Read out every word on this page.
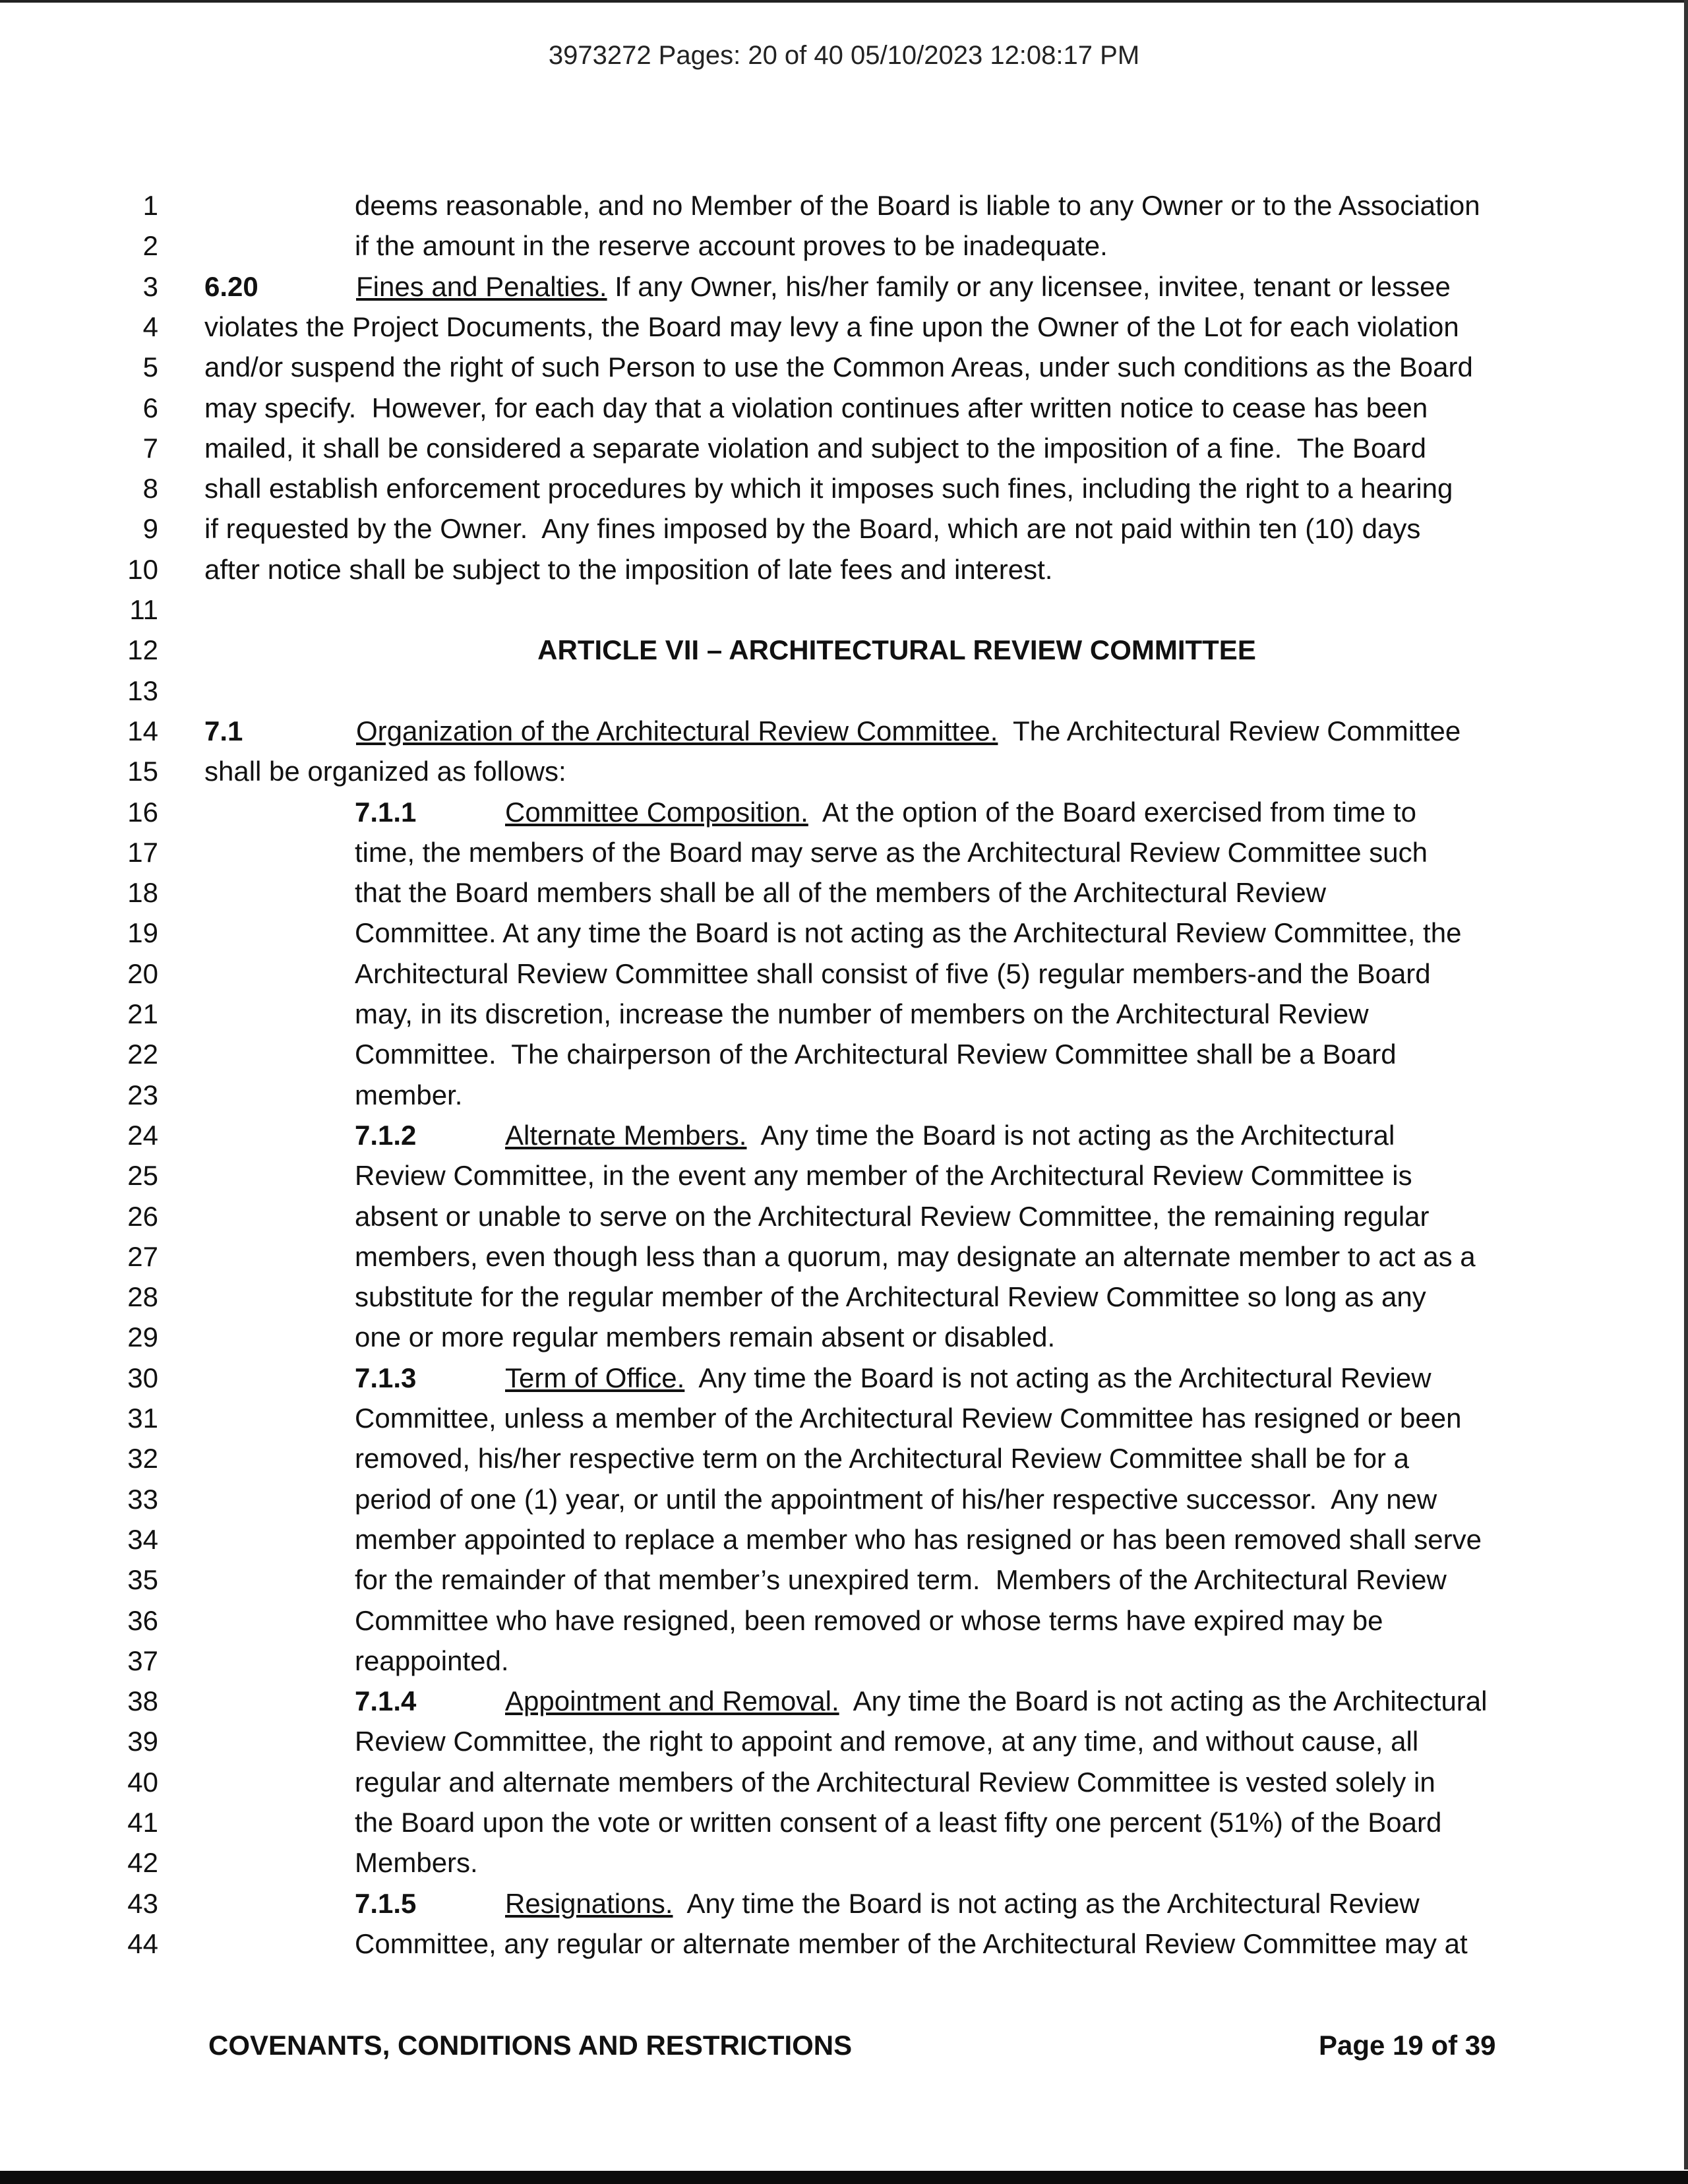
3973272 Pages: 20 of 40 05/10/2023 12:08:17 PM
1	deems reasonable, and no Member of the Board is liable to any Owner or to the Association
2	if the amount in the reserve account proves to be inadequate.
3 6.20	Fines and Penalties. If any Owner, his/her family or any licensee, invitee, tenant or lessee
4 violates the Project Documents, the Board may levy a fine upon the Owner of the Lot for each violation
5 and/or suspend the right of such Person to use the Common Areas, under such conditions as the Board
6 may specify.  However, for each day that a violation continues after written notice to cease has been
7 mailed, it shall be considered a separate violation and subject to the imposition of a fine.  The Board
8 shall establish enforcement procedures by which it imposes such fines, including the right to a hearing
9 if requested by the Owner.  Any fines imposed by the Board, which are not paid within ten (10) days
10 after notice shall be subject to the imposition of late fees and interest.
11
12	ARTICLE VII – ARCHITECTURAL REVIEW COMMITTEE
13
14 7.1	Organization of the Architectural Review Committee.  The Architectural Review Committee
15 shall be organized as follows:
16	7.1.1	Committee Composition.  At the option of the Board exercised from time to
17	time, the members of the Board may serve as the Architectural Review Committee such
18	that the Board members shall be all of the members of the Architectural Review
19	Committee. At any time the Board is not acting as the Architectural Review Committee, the
20	Architectural Review Committee shall consist of five (5) regular members-and the Board
21	may, in its discretion, increase the number of members on the Architectural Review
22	Committee.  The chairperson of the Architectural Review Committee shall be a Board
23	member.
24	7.1.2	Alternate Members.  Any time the Board is not acting as the Architectural
25	Review Committee, in the event any member of the Architectural Review Committee is
26	absent or unable to serve on the Architectural Review Committee, the remaining regular
27	members, even though less than a quorum, may designate an alternate member to act as a
28	substitute for the regular member of the Architectural Review Committee so long as any
29	one or more regular members remain absent or disabled.
30	7.1.3	Term of Office.  Any time the Board is not acting as the Architectural Review
31	Committee, unless a member of the Architectural Review Committee has resigned or been
32	removed, his/her respective term on the Architectural Review Committee shall be for a
33	period of one (1) year, or until the appointment of his/her respective successor.  Any new
34	member appointed to replace a member who has resigned or has been removed shall serve
35	for the remainder of that member’s unexpired term.  Members of the Architectural Review
36	Committee who have resigned, been removed or whose terms have expired may be
37	reappointed.
38	7.1.4	Appointment and Removal.  Any time the Board is not acting as the Architectural
39	Review Committee, the right to appoint and remove, at any time, and without cause, all
40	regular and alternate members of the Architectural Review Committee is vested solely in
41	the Board upon the vote or written consent of a least fifty one percent (51%) of the Board
42	Members.
43	7.1.5	Resignations.  Any time the Board is not acting as the Architectural Review
44	Committee, any regular or alternate member of the Architectural Review Committee may at
COVENANTS, CONDITIONS AND RESTRICTIONS	Page 19 of 39
